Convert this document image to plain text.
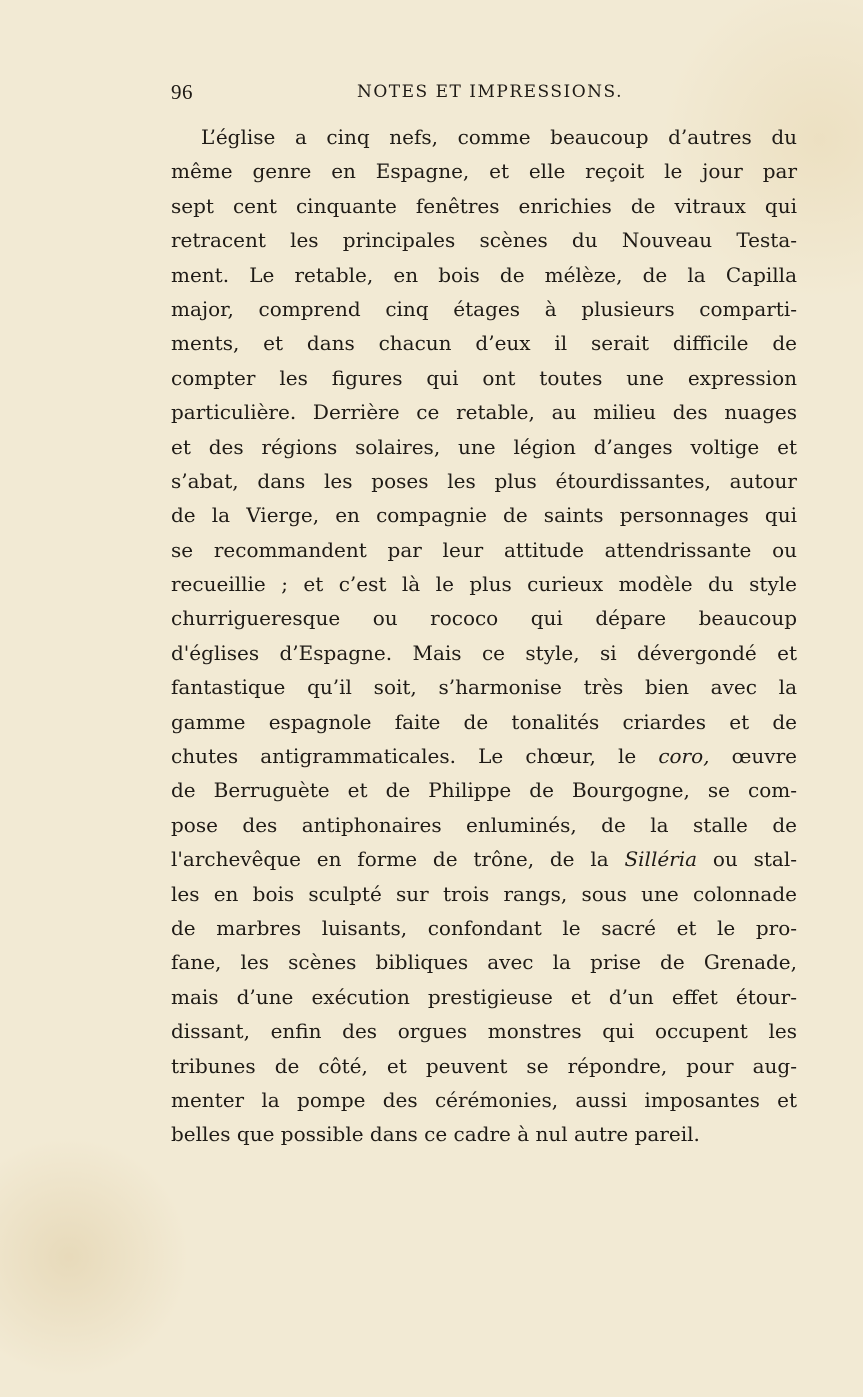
96	NOTES ET IMPRESSIONS.
L’église a cinq nefs, comme beaucoup d’autres du
même genre en Espagne, et elle reçoit le jour par
sept cent cinquante fenêtres enrichies de vitraux qui
retracent les principales scènes du Nouveau Testa-
ment. Le retable, en bois de mélèze, de la Capilla
major, comprend cinq étages à plusieurs comparti-
ments, et dans chacun d’eux il serait difficile de
compter les figures qui ont toutes une expression
particulière. Derrière ce retable, au milieu des nuages
et des régions solaires, une légion d’anges voltige et
s’abat, dans les poses les plus étourdissantes, autour
de la Vierge, en compagnie de saints personnages qui
se recommandent par leur attitude attendrissante ou
recueillie ; et c’est là le plus curieux modèle du style
churrigueresque ou rococo qui dépare beaucoup
d'églises d’Espagne. Mais ce style, si dévergondé et
fantastique qu’il soit, s’harmonise très bien avec la
gamme espagnole faite de tonalités criardes et de
chutes antigrammaticales. Le chœur, le coro, œuvre
de Berruguète et de Philippe de Bourgogne, se com-
pose des antiphonaires enluminés, de la stalle de
l'archevêque en forme de trône, de la Silléria ou stal-
les en bois sculpté sur trois rangs, sous une colonnade
de marbres luisants, confondant le sacré et le pro-
fane, les scènes bibliques avec la prise de Grenade,
mais d’une exécution prestigieuse et d’un effet étour-
dissant, enfin des orgues monstres qui occupent les
tribunes de côté, et peuvent se répondre, pour aug-
menter la pompe des cérémonies, aussi imposantes et
belles que possible dans ce cadre à nul autre pareil.
